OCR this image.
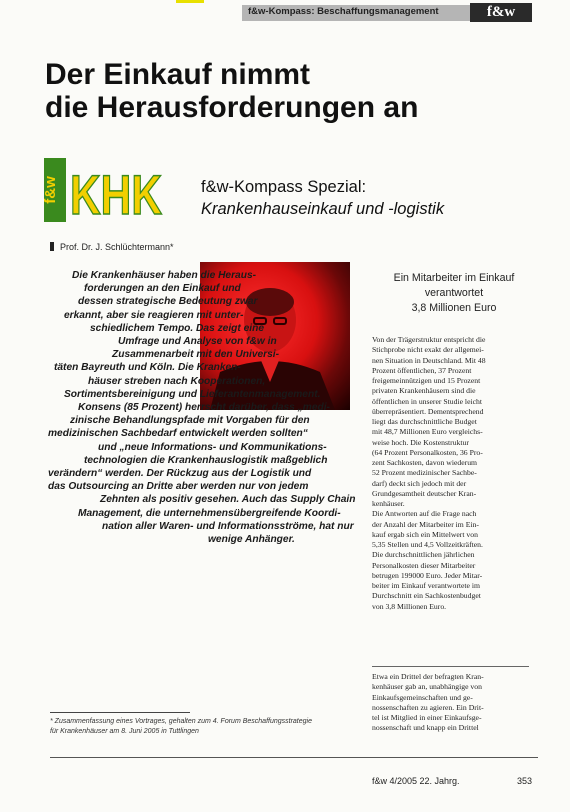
f&w-Kompass: Beschaffungsmanagement	f&w
Der Einkauf nimmt
die Herausforderungen an
f&w KHK f&w-Kompass Spezial:
Krankenhauseinkauf und -logistik
Prof. Dr. J. Schlüchtermann*
Die Krankenhäuser haben die Heraus-
forderungen an den Einkauf und
dessen strategische Bedeutung zwar
erkannt, aber sie reagieren mit unter-
schiedlichem Tempo. Das zeigt eine
Umfrage und Analyse von f&w in
Zusammenarbeit mit den Universi-
täten Bayreuth und Köln. Die Kranken-
häuser streben nach Kooperationen,
Sortimentsbereinigung und Lieferantenmanagement.
Konsens (85 Prozent) herrscht darüber, dass „medi-
zinische Behandlungspfade mit Vorgaben für den
medizinischen Sachbedarf entwickelt werden sollten“
und „neue Informations- und Kommunikations-
technologien die Krankenhauslogistik maßgeblich
verändern“ werden. Der Rückzug aus der Logistik und
das Outsourcing an Dritte aber werden nur von jedem
Zehnten als positiv gesehen. Auch das Supply Chain
Management, die unternehmensübergreifende Koordi-
nation aller Waren- und Informationsströme, hat nur
wenige Anhänger.
Ein Mitarbeiter im Einkauf
verantwortet
3,8 Millionen Euro
Von der Trägerstruktur entspricht die
Stichprobe nicht exakt der allgemei-
nen Situation in Deutschland. Mit 48
Prozent öffentlichen, 37 Prozent
freigemeinnützigen und 15 Prozent
privaten Krankenhäusern sind die
öffentlichen in unserer Studie leicht
überrepräsentiert. Dementsprechend
liegt das durchschnittliche Budget
mit 48,7 Millionen Euro vergleichs-
weise hoch. Die Kostenstruktur
(64 Prozent Personalkosten, 36 Pro-
zent Sachkosten, davon wiederum
52 Prozent medizinischer Sachbe-
darf) deckt sich jedoch mit der
Grundgesamtheit deutscher Kran-
kenhäuser.
Die Antworten auf die Frage nach
der Anzahl der Mitarbeiter im Ein-
kauf ergab sich ein Mittelwert von
5,35 Stellen und 4,5 Vollzeitkräften.
Die durchschnittlichen jährlichen
Personalkosten dieser Mitarbeiter
betrugen 199000 Euro. Jeder Mitar-
beiter im Einkauf verantwortete im
Durchschnitt ein Sachkostenbudget
von 3,8 Millionen Euro.
Etwa ein Drittel der befragten Kran-
kenhäuser gab an, unabhängige von
Einkaufsgemeinschaften und ge-
nossenschaften zu agieren. Ein Drit-
tel ist Mitglied in einer Einkaufsge-
nossenschaft und knapp ein Drittel
* Zusammenfassung eines Vortrages, gehalten zum 4. Forum Beschaffungsstrategie
für Krankenhäuser am 8. Juni 2005 in Tuttlingen
f&w 4/2005 22. Jahrg.	353
